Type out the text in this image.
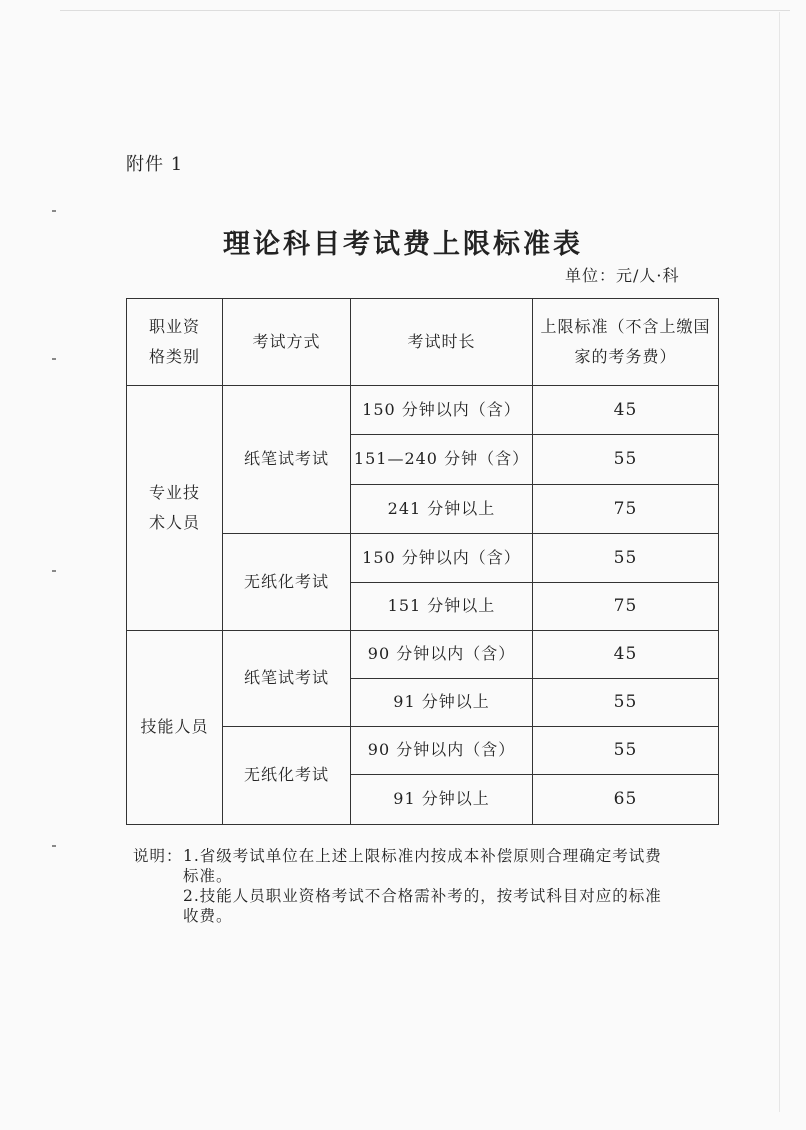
附件 1
理论科目考试费上限标准表
单位：元/人·科
职业资格类别	考试方式	考试时长	上限标准（不含上缴国家的考务费）
专业技术人员	纸笔试考试	150 分钟以内（含）	45
		151—240 分钟（含）	55
		241 分钟以上	75
	无纸化考试	150 分钟以内（含）	55
		151 分钟以上	75
技能人员	纸笔试考试	90 分钟以内（含）	45
		91 分钟以上	55
	无纸化考试	90 分钟以内（含）	55
		91 分钟以上	65
说明： 1.省级考试单位在上述上限标准内按成本补偿原则合理确定考试费标准。
2.技能人员职业资格考试不合格需补考的，按考试科目对应的标准收费。
